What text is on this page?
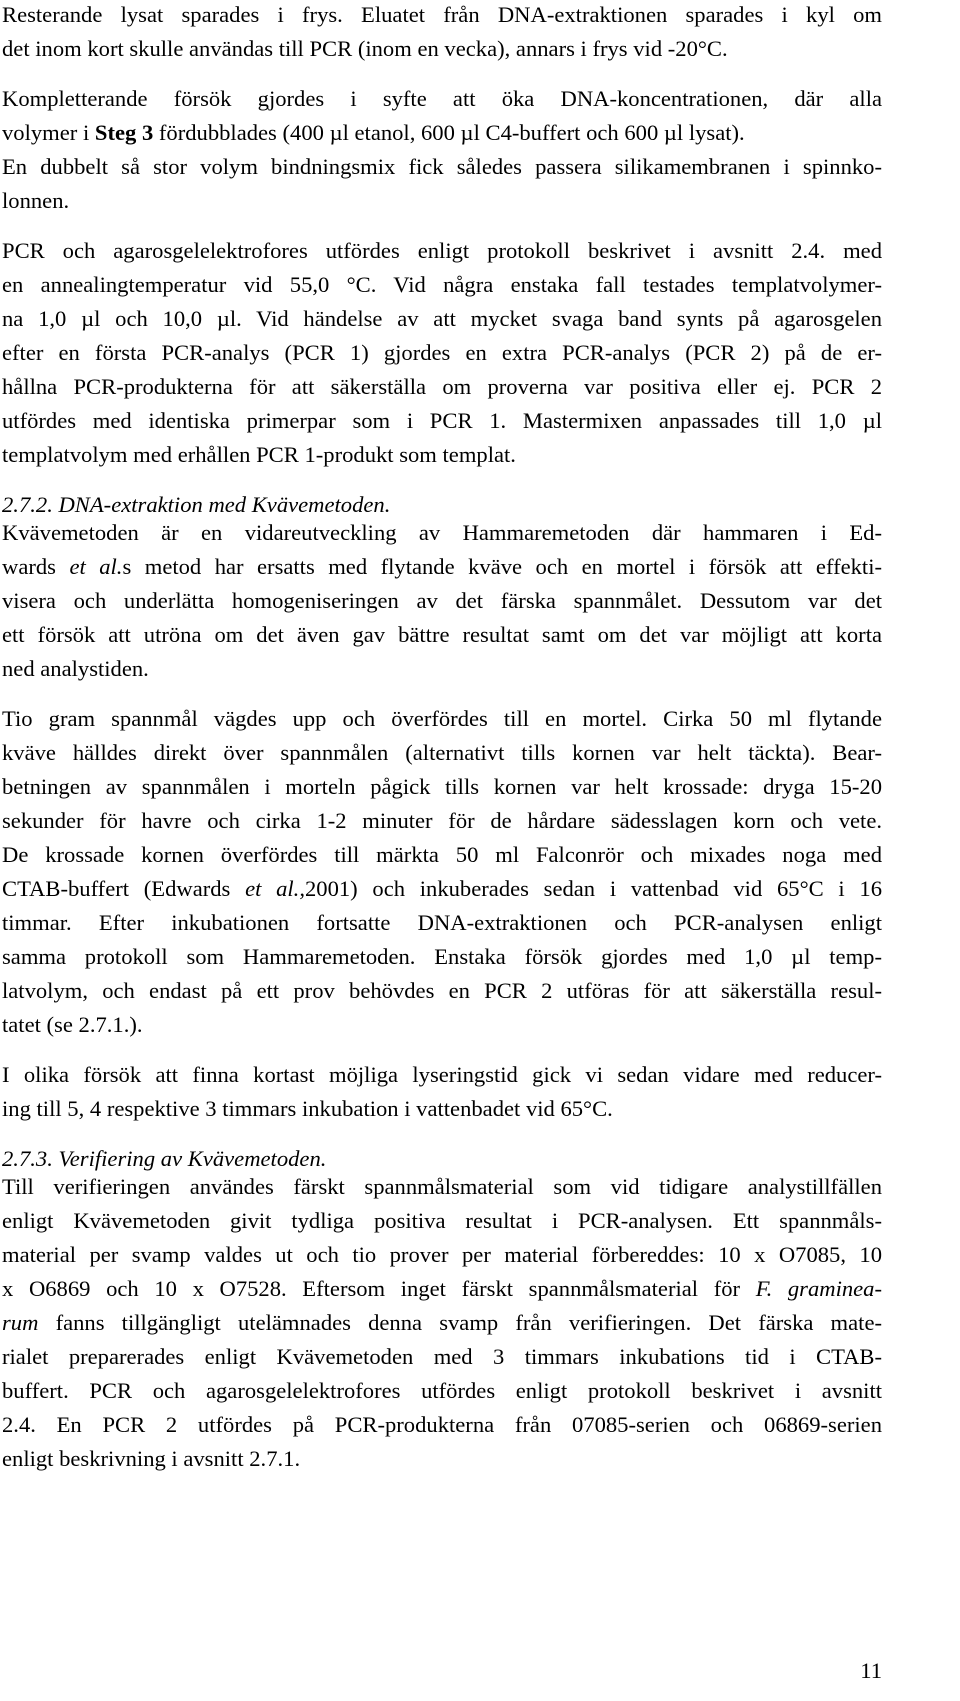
Resterande lysat sparades i frys. Eluatet från DNA-extraktionen sparades i kyl om
det inom kort skulle användas till PCR (inom en vecka), annars i frys vid -20°C.
Kompletterande försök gjordes i syfte att öka DNA-koncentrationen, där alla
volymer i Steg 3 fördubblades (400 µl etanol, 600 µl C4-buffert och 600 µl lysat).
En dubbelt så stor volym bindningsmix fick således passera silikamembranen i spinnko-
lonnen.
PCR och agarosgelelektrofores utfördes enligt protokoll beskrivet i avsnitt 2.4. med
en annealingtemperatur vid 55,0 °C. Vid några enstaka fall testades templatvolymer-
na 1,0 µl och 10,0 µl. Vid händelse av att mycket svaga band synts på agarosgelen
efter en första PCR-analys (PCR 1) gjordes en extra PCR-analys (PCR 2) på de er-
hållna PCR-produkterna för att säkerställa om proverna var positiva eller ej. PCR 2
utfördes med identiska primerpar som i PCR 1. Mastermixen anpassades till 1,0 µl
templatvolym med erhållen PCR 1-produkt som templat.
2.7.2. DNA-extraktion med Kvävemetoden.
Kvävemetoden är en vidareutveckling av Hammaremetoden där hammaren i Ed-
wards et al.s metod har ersatts med flytande kväve och en mortel i försök att effekti-
visera och underlätta homogeniseringen av det färska spannmålet. Dessutom var det
ett försök att utröna om det även gav bättre resultat samt om det var möjligt att korta
ned analystiden.
Tio gram spannmål vägdes upp och överfördes till en mortel. Cirka 50 ml flytande
kväve hälldes direkt över spannmålen (alternativt tills kornen var helt täckta). Bear-
betningen av spannmålen i morteln pågick tills kornen var helt krossade: dryga 15-20
sekunder för havre och cirka 1-2 minuter för de hårdare sädesslagen korn och vete.
De krossade kornen överfördes till märkta 50 ml Falconrör och mixades noga med
CTAB-buffert (Edwards et al.,2001) och inkuberades sedan i vattenbad vid 65°C i 16
timmar. Efter inkubationen fortsatte DNA-extraktionen och PCR-analysen enligt
samma protokoll som Hammaremetoden. Enstaka försök gjordes med 1,0 µl temp-
latvolym, och endast på ett prov behövdes en PCR 2 utföras för att säkerställa resul-
tatet (se 2.7.1.).
I olika försök att finna kortast möjliga lyseringstid gick vi sedan vidare med reducer-
ing till 5, 4 respektive 3 timmars inkubation i vattenbadet vid 65°C.
2.7.3. Verifiering av Kvävemetoden.
Till verifieringen användes färskt spannmålsmaterial som vid tidigare analystillfällen
enligt Kvävemetoden givit tydliga positiva resultat i PCR-analysen. Ett spannmåls-
material per svamp valdes ut och tio prover per material förbereddes: 10 x O7085, 10
x O6869 och 10 x O7528. Eftersom inget färskt spannmålsmaterial för F. graminea-
rum fanns tillgängligt utelämnades denna svamp från verifieringen. Det färska mate-
rialet preparerades enligt Kvävemetoden med 3 timmars inkubations tid i CTAB-
buffert. PCR och agarosgelelektrofores utfördes enligt protokoll beskrivet i avsnitt
2.4. En PCR 2 utfördes på PCR-produkterna från 07085-serien och 06869-serien
enligt beskrivning i avsnitt 2.7.1.
11
